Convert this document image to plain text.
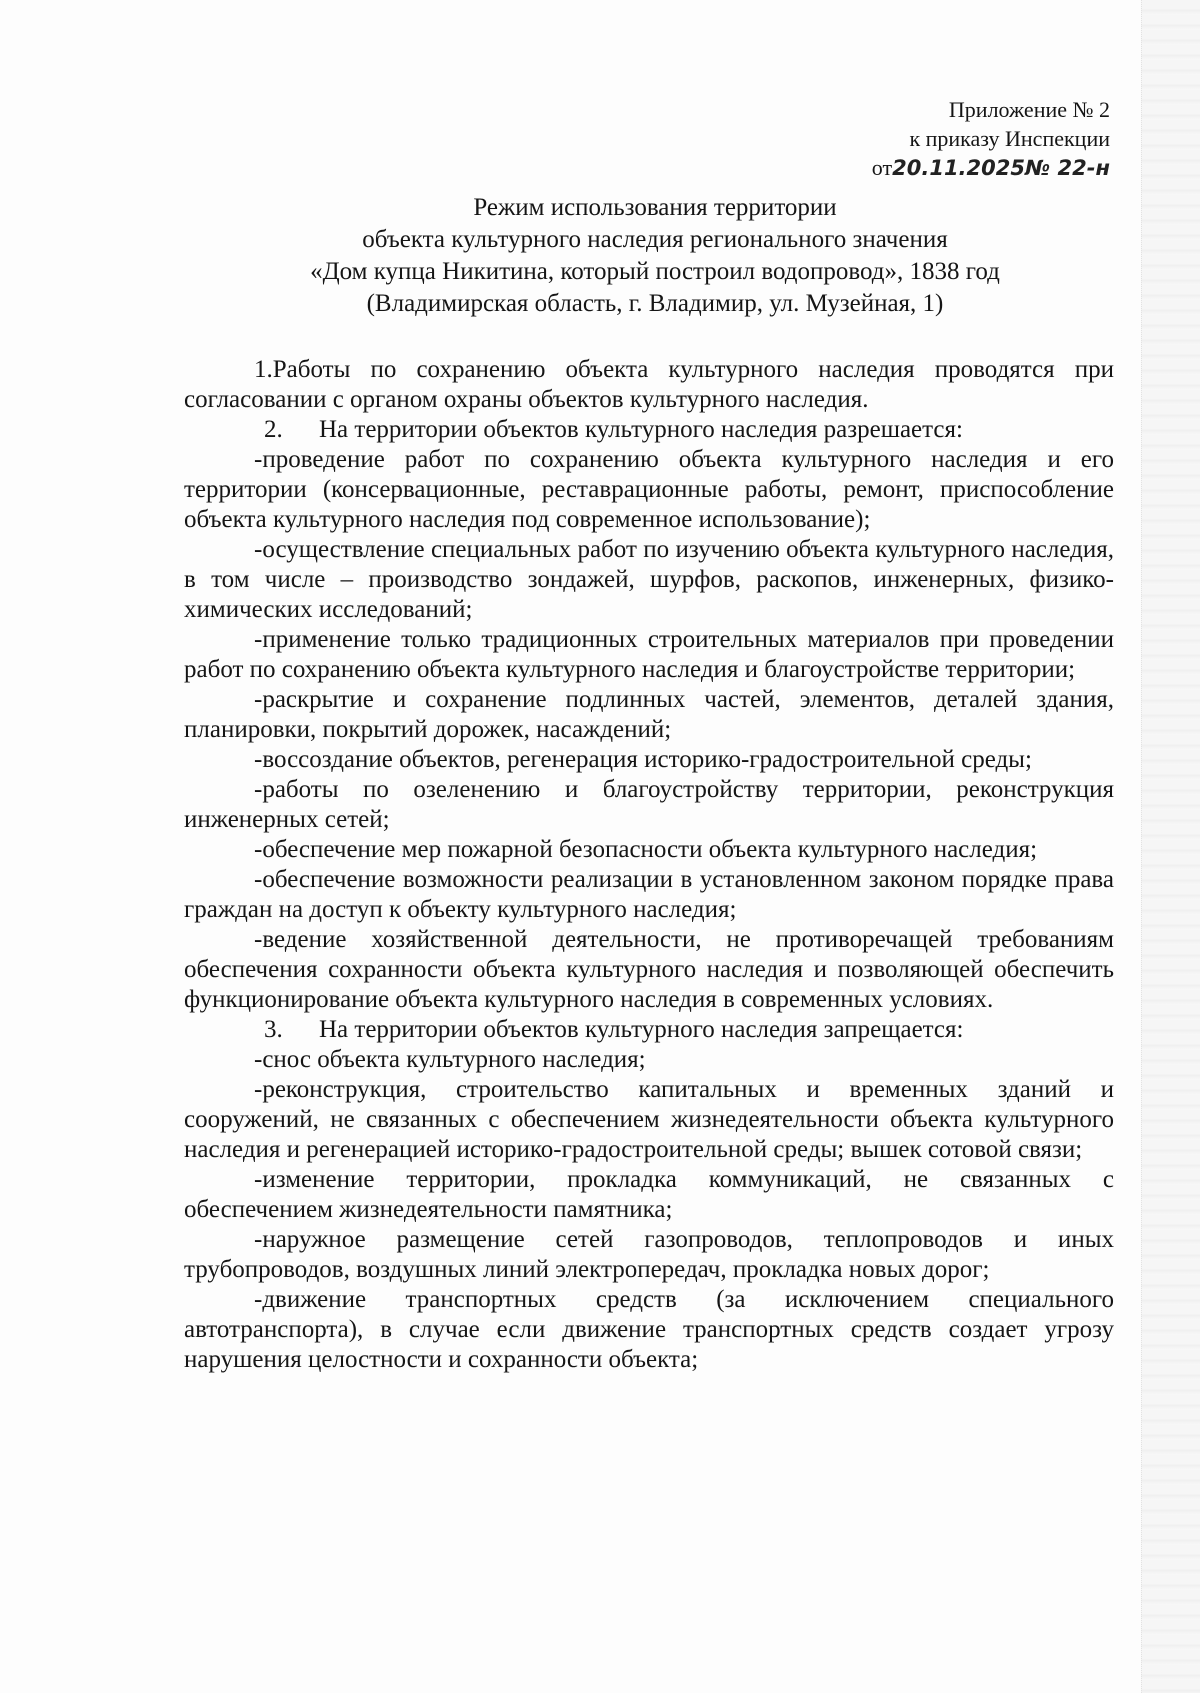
Приложение № 2
к приказу Инспекции
от20.11.2025№ 22-н
Режим использования территории
объекта культурного наследия регионального значения
«Дом купца Никитина, который построил водопровод», 1838 год
(Владимирская область, г. Владимир, ул. Музейная, 1)

1.Работы по сохранению объекта культурного наследия проводятся при согласовании с органом охраны объектов культурного наследия.

2. На территории объектов культурного наследия разрешается:

-проведение работ по сохранению объекта культурного наследия и его территории (консервационные, реставрационные работы, ремонт, приспособление объекта культурного наследия под современное использование);

-осуществление специальных работ по изучению объекта культурного наследия, в том числе – производство зондажей, шурфов, раскопов, инженерных, физико-химических исследований;

-применение только традиционных строительных материалов при проведении работ по сохранению объекта культурного наследия и благоустройстве территории;

-раскрытие и сохранение подлинных частей, элементов, деталей здания, планировки, покрытий дорожек, насаждений;

-воссоздание объектов, регенерация историко-градостроительной среды;

-работы по озеленению и благоустройству территории, реконструкция инженерных сетей;

-обеспечение мер пожарной безопасности объекта культурного наследия;

-обеспечение возможности реализации в установленном законом порядке права граждан на доступ к объекту культурного наследия;

-ведение хозяйственной деятельности, не противоречащей требованиям обеспечения сохранности объекта культурного наследия и позволяющей обеспечить функционирование объекта культурного наследия в современных условиях.

3. На территории объектов культурного наследия запрещается:

-снос объекта культурного наследия;

-реконструкция, строительство капитальных и временных зданий и сооружений, не связанных с обеспечением жизнедеятельности объекта культурного наследия и регенерацией историко-градостроительной среды; вышек сотовой связи;

-изменение территории, прокладка коммуникаций, не связанных с обеспечением жизнедеятельности памятника;

-наружное размещение сетей газопроводов, теплопроводов и иных трубопроводов, воздушных линий электропередач, прокладка новых дорог;

-движение транспортных средств (за исключением специального автотранспорта), в случае если движение транспортных средств создает угрозу нарушения целостности и сохранности объекта;
